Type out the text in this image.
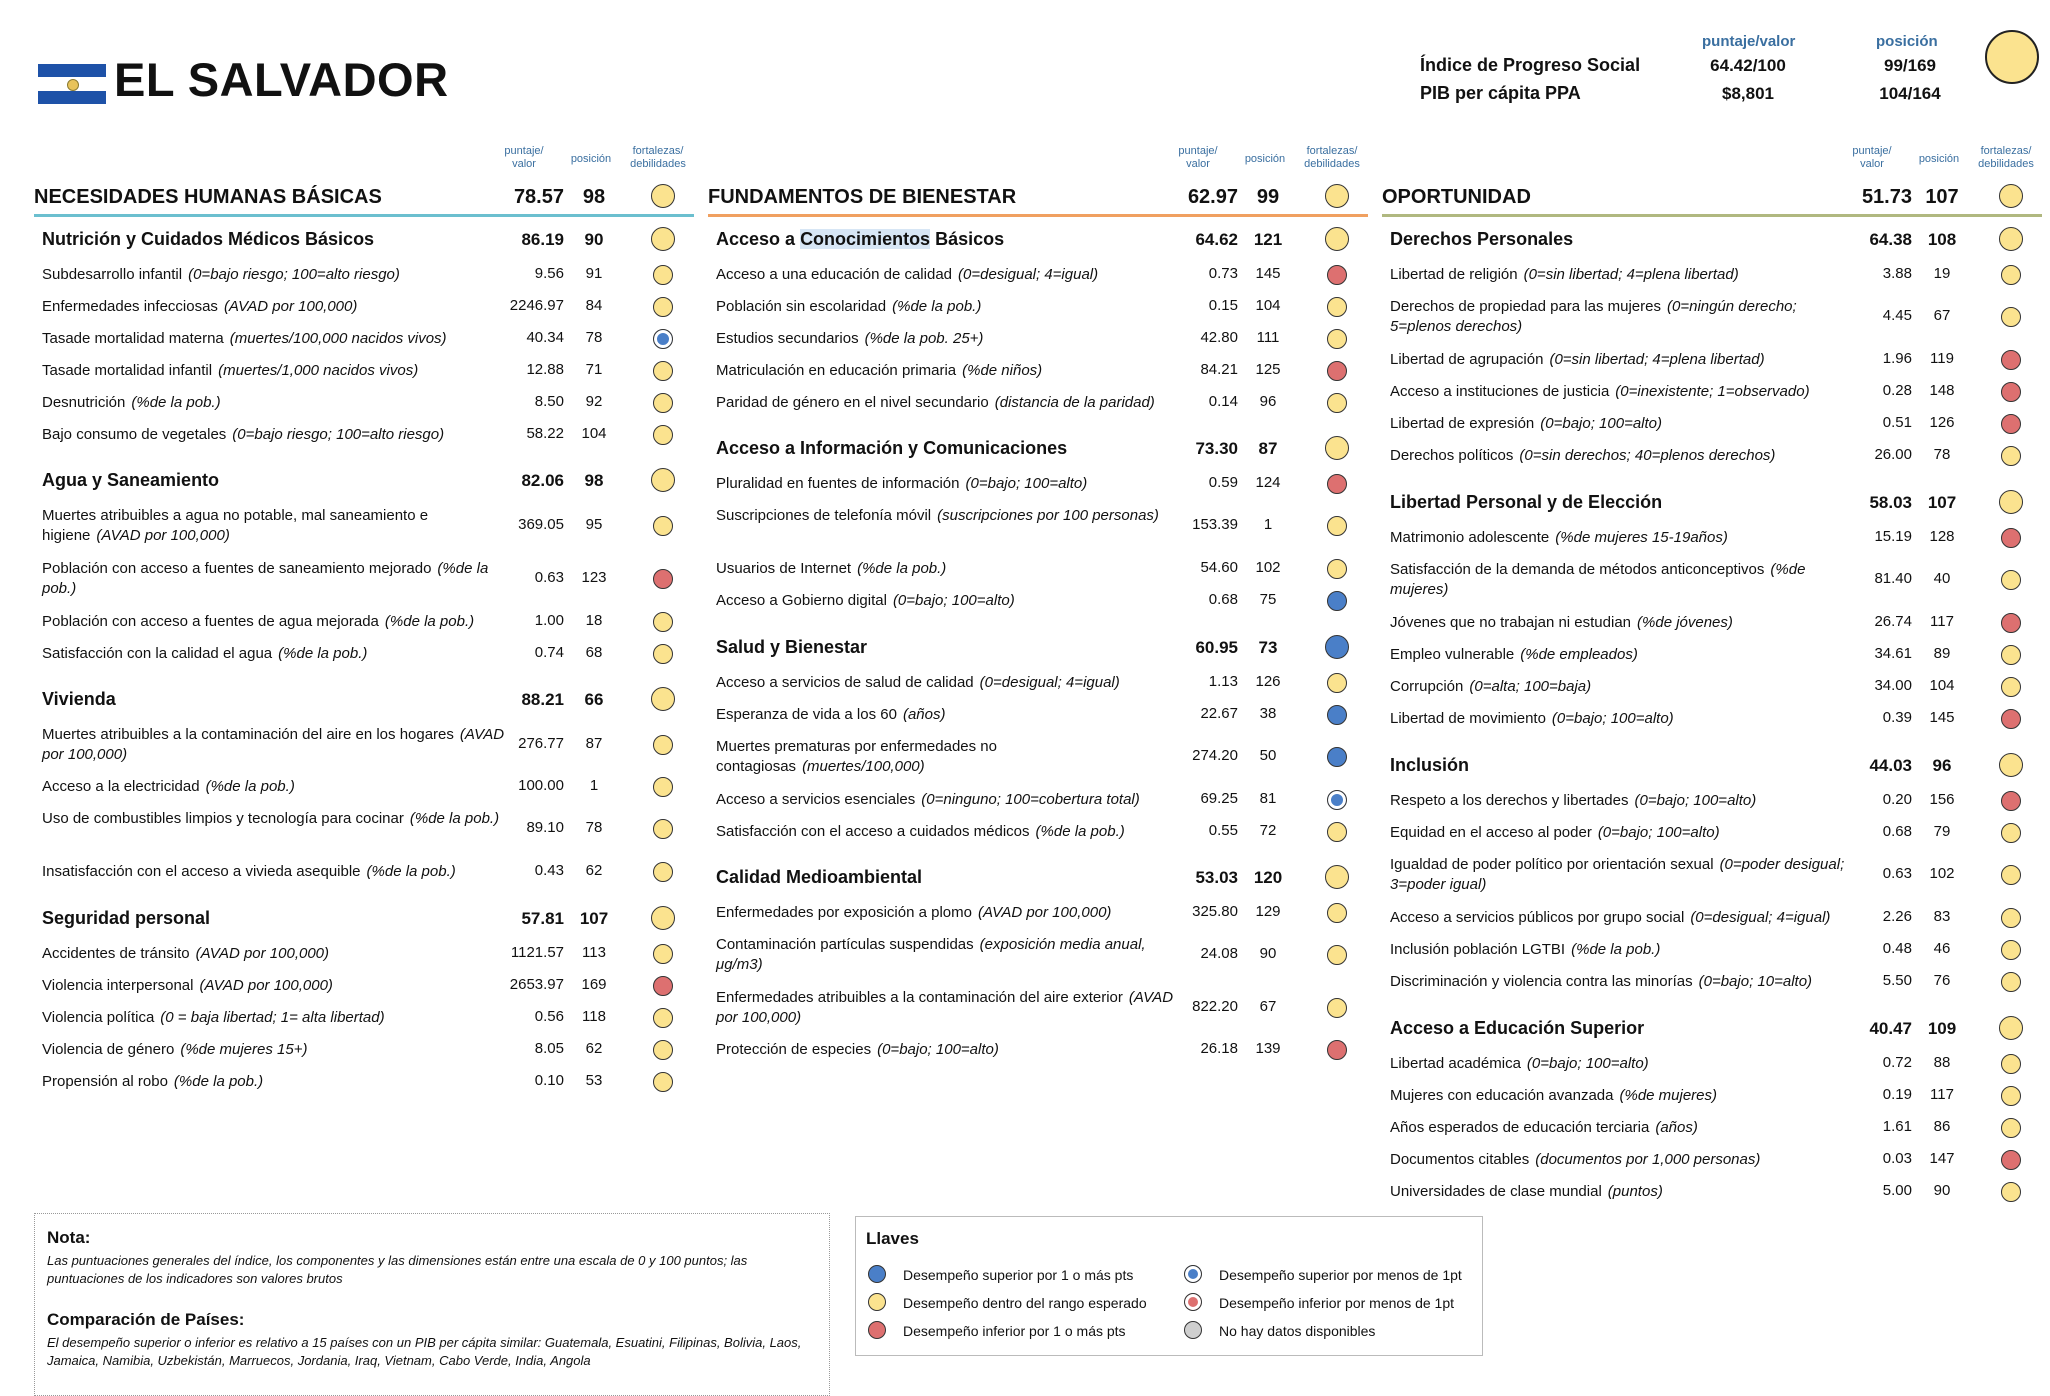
EL SALVADOR
puntaje/valor	posición
Índice de Progreso Social	64.42/100	99/169
PIB per cápita PPA	$8,801	104/164
puntaje/ valor	posición
fortalezas/ debilidades
NECESIDADES HUMANAS BÁSICAS	78.57 98
Nutrición y Cuidados Médicos Básicos	86.19	90
Subdesarrollo infantil (0=bajo riesgo; 100=alto riesgo)	9.56	91
Enfermedades infecciosas (AVAD por 100,000)	2246.97	84
Tasade mortalidad materna (muertes/100,000 nacidos vivos)	40.34	78
Tasade mortalidad infantil (muertes/1,000 nacidos vivos)	12.88	71
Desnutrición (%de la pob.)	8.50	92
Bajo consumo de vegetales (0=bajo riesgo; 100=alto riesgo)	58.22	104
Agua y Saneamiento	82.06	98
Muertes atribuibles a agua no potable, mal saneamiento e higiene (AVAD por 100,000)
369.05	95
Población con acceso a fuentes de saneamiento mejorado (%de la pob.)
0.63	123
Población con acceso a fuentes de agua mejorada (%de la pob.)	1.00	18
Satisfacción con la calidad el agua (%de la pob.)	0.74	68
Vivienda	88.21	66
Muertes atribuibles a la contaminación del aire en los hogares (AVAD por 100,000)
276.77	87
Acceso a la electricidad (%de la pob.)	100.00	1
Uso de combustibles limpios y tecnología para cocinar (%de la pob.)
89.10	78
Insatisfacción con el acceso a vivieda asequible (%de la pob.)	0.43	62
Seguridad personal	57.81 107
Accidentes de tránsito (AVAD por 100,000)	1121.57	113
Violencia interpersonal (AVAD por 100,000)	2653.97	169
Violencia política (0 = baja libertad; 1= alta libertad)	0.56	118
Violencia de género (%de mujeres 15+)	8.05	62
Propensión al robo (%de la pob.)	0.10	53
puntaje/ valor	posición
fortalezas/ debilidades
FUNDAMENTOS DE BIENESTAR	62.97 99
Acceso a Conocimientos Básicos	64.62 121
Acceso a una educación de calidad (0=desigual; 4=igual)	0.73	145
Población sin escolaridad (%de la pob.)	0.15	104
Estudios secundarios (%de la pob. 25+)	42.80	111
Matriculación en educación primaria (%de niños)	84.21	125
Paridad de género en el nivel secundario (distancia de la paridad)	0.14	96
Acceso a Información y Comunicaciones	73.30	87
Pluralidad en fuentes de información (0=bajo; 100=alto)	0.59	124
Suscripciones de telefonía móvil (suscripciones por 100 personas)
153.39	1
Usuarios de Internet (%de la pob.)	54.60	102
Acceso a Gobierno digital (0=bajo; 100=alto)	0.68	75
Salud y Bienestar	60.95	73
Acceso a servicios de salud de calidad (0=desigual; 4=igual)	1.13	126
Esperanza de vida a los 60 (años)	22.67	38
Muertes prematuras por enfermedades no contagiosas (muertes/100,000)
274.20	50
Acceso a servicios esenciales (0=ninguno; 100=cobertura total)	69.25	81
Satisfacción con el acceso a cuidados médicos (%de la pob.)	0.55	72
Calidad Medioambiental	53.03 120
Enfermedades por exposición a plomo (AVAD por 100,000)	325.80	129
Contaminación partículas suspendidas (exposición media anual, μg/m3)
24.08	90
Enfermedades atribuibles a la contaminación del aire exterior (AVAD por 100,000)
822.20	67
Protección de especies (0=bajo; 100=alto)	26.18	139
puntaje/ valor	posición
fortalezas/ debilidades
OPORTUNIDAD	51.73 107
Derechos Personales	64.38 108
Libertad de religión (0=sin libertad; 4=plena libertad)	3.88	19
Derechos de propiedad para las mujeres (0=ningún derecho; 5=plenos derechos)
4.45	67
Libertad de agrupación (0=sin libertad; 4=plena libertad)	1.96	119
Acceso a instituciones de justicia (0=inexistente; 1=observado)	0.28	148
Libertad de expresión (0=bajo; 100=alto)	0.51	126
Derechos políticos (0=sin derechos; 40=plenos derechos)	26.00	78
Libertad Personal y de Elección	58.03 107
Matrimonio adolescente (%de mujeres 15-19años)	15.19	128
Satisfacción de la demanda de métodos anticonceptivos (%de mujeres)
81.40	40
Jóvenes que no trabajan ni estudian (%de jóvenes)	26.74	117
Empleo vulnerable (%de empleados)	34.61	89
Corrupción (0=alta; 100=baja)	34.00	104
Libertad de movimiento (0=bajo; 100=alto)	0.39	145
Inclusión	44.03	96
Respeto a los derechos y libertades (0=bajo; 100=alto)	0.20	156
Equidad en el acceso al poder (0=bajo; 100=alto)	0.68	79
Igualdad de poder político por orientación sexual (0=poder desigual; 3=poder igual)
0.63	102
Acceso a servicios públicos por grupo social (0=desigual; 4=igual)	2.26	83
Inclusión población LGTBI (%de la pob.)	0.48	46
Discriminación y violencia contra las minorías (0=bajo; 10=alto)	5.50	76
Acceso a Educación Superior	40.47 109
Libertad académica (0=bajo; 100=alto)	0.72	88
Mujeres con educación avanzada (%de mujeres)	0.19	117
Años esperados de educación terciaria (años)	1.61	86
Documentos citables (documentos por 1,000 personas)	0.03	147
Universidades de clase mundial (puntos)	5.00	90
Nota:
Las puntuaciones generales del índice, los componentes y las dimensiones están entre una escala de 0 y 100 puntos; las puntuaciones de los indicadores son valores brutos
Comparación de Países:
El desempeño superior o inferior es relativo a 15 países con un PIB per cápita similar: Guatemala, Esuatini, Filipinas, Bolivia, Laos, Jamaica, Namibia, Uzbekistán, Marruecos, Jordania, Iraq, Vietnam, Cabo Verde, India, Angola
Llaves
Desempeño superior por 1 o más pts
Desempeño dentro del rango esperado
Desempeño inferior por 1 o más pts
Desempeño superior por menos de 1pt
Desempeño inferior por menos de 1pt
No hay datos disponibles
